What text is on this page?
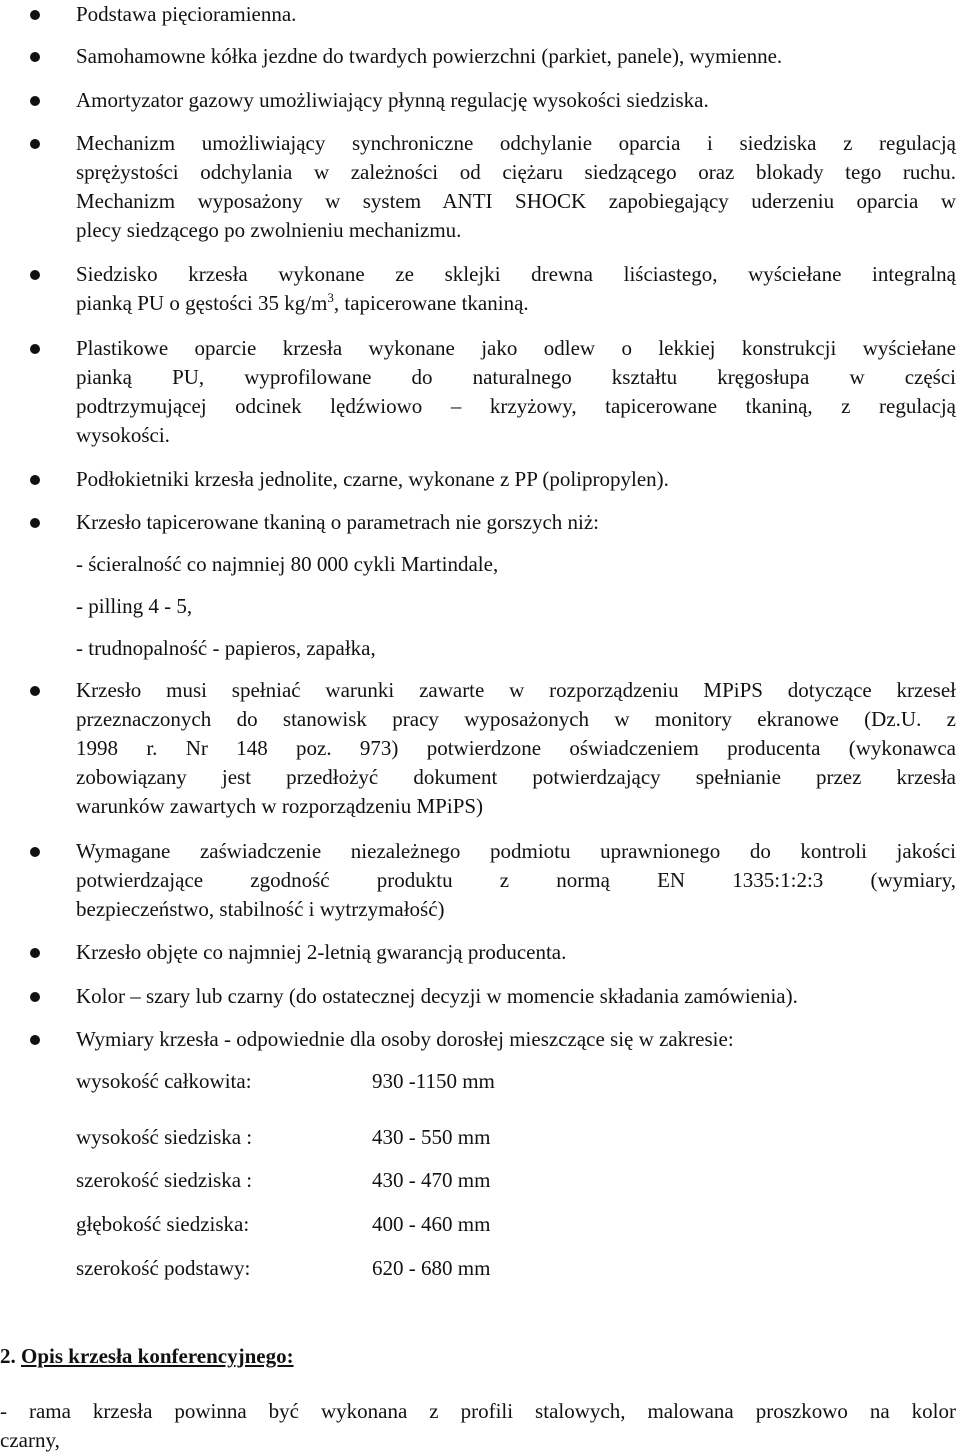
Podstawa pięcioramienna.
Samohamowne kółka jezdne do twardych powierzchni (parkiet, panele), wymienne.
Amortyzator gazowy umożliwiający płynną regulację wysokości siedziska.

Mechanizm umożliwiający synchroniczne odchylanie oparcia i siedziska z regulacją

sprężystości odchylania w zależności od ciężaru siedzącego oraz blokady tego ruchu.

Mechanizm wyposażony w system ANTI SHOCK zapobiegający uderzeniu oparcia w

plecy siedzącego po zwolnieniu mechanizmu.

Siedzisko krzesła wykonane ze sklejki drewna liściastego, wyściełane integralną

pianką PU o gęstości 35 $kg/m^3$, tapicerowane tkaniną.

Plastikowe oparcie krzesła wykonane jako odlew o lekkiej konstrukcji wyściełane

pianką PU, wyprofilowane do naturalnego kształtu kręgosłupa w części

podtrzymującej odcinek lędźwiowo – krzyżowy, tapicerowane tkaniną, z regulacją

wysokości.

Podłokietniki krzesła jednolite, czarne, wykonane z PP (polipropylen).
Krzesło tapicerowane tkaniną o parametrach nie gorszych niż:
- ścieralność co najmniej 80 000 cykli Martindale,
- pilling 4 - 5,
- trudnopalność - papieros, zapałka,

Krzesło musi spełniać warunki zawarte w rozporządzeniu MPiPS dotyczące krzeseł

przeznaczonych do stanowisk pracy wyposażonych w monitory ekranowe (Dz.U. z

1998 r. Nr 148 poz. 973) potwierdzone oświadczeniem producenta (wykonawca

zobowiązany jest przedłożyć dokument potwierdzający spełnianie przez krzesła

warunków zawartych w rozporządzeniu MPiPS)

Wymagane zaświadczenie niezależnego podmiotu uprawnionego do kontroli jakości

potwierdzające zgodność produktu z normą EN 1335:1:2:3 (wymiary,

bezpieczeństwo, stabilność i wytrzymałość)

Krzesło objęte co najmniej 2-letnią gwarancją producenta.
Kolor – szary lub czarny (do ostatecznej decyzji w momencie składania zamówienia).
Wymiary krzesła - odpowiednie dla osoby dorosłej mieszczące się w zakresie:
wysokość całkowita:	930 -1150 mm
wysokość siedziska :	430 - 550 mm
szerokość siedziska :	430 - 470 mm
głębokość siedziska:	400 - 460 mm
szerokość podstawy:	620 - 680 mm
2. Opis krzesła konferencyjnego:

- rama krzesła powinna być wykonana z profili stalowych, malowana proszkowo na kolor

czarny,
